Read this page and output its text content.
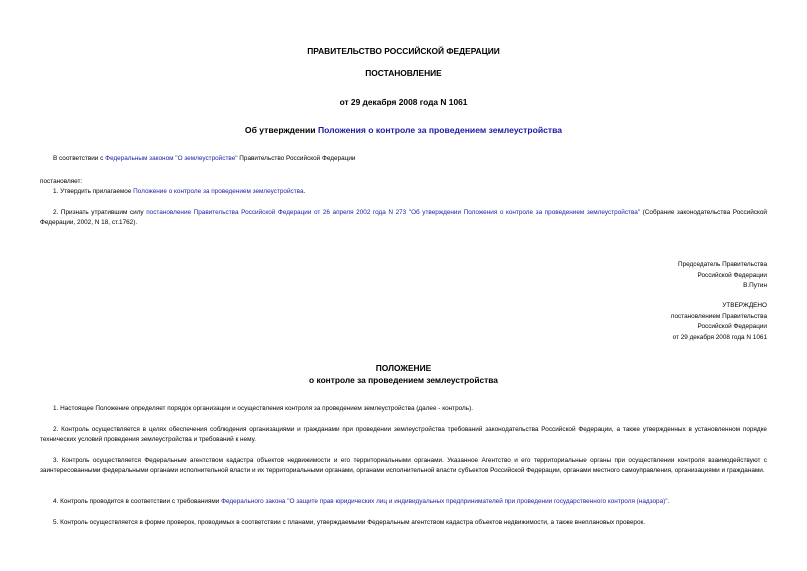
ПРАВИТЕЛЬСТВО РОССИЙСКОЙ ФЕДЕРАЦИИ
ПОСТАНОВЛЕНИЕ
от 29 декабря 2008 года N 1061
Об утверждении Положения о контроле за проведением землеустройства
В соответствии с Федеральным законом "О землеустройстве" Правительство Российской Федерации
постановляет:
1. Утвердить прилагаемое Положение о контроле за проведением землеустройства.
2. Признать утратившим силу постановление Правительства Российской Федерации от 26 апреля 2002 года N 273 "Об утверждении Положения о контроле за проведением землеустройства" (Собрание законодательства Российской Федерации, 2002, N 18, ст.1762).
Председатель Правительства
Российской Федерации
В.Путин
УТВЕРЖДЕНО
постановлением Правительства
Российской Федерации
от 29 декабря 2008 года N 1061
ПОЛОЖЕНИЕ
о контроле за проведением землеустройства
1. Настоящее Положение определяет порядок организации и осуществления контроля за проведением землеустройства (далее - контроль).
2. Контроль осуществляется в целях обеспечения соблюдения организациями и гражданами при проведении землеустройства требований законодательства Российской Федерации, а также утвержденных в установленном порядке технических условий проведения землеустройства и требований к нему.
3. Контроль осуществляется Федеральным агентством кадастра объектов недвижимости и его территориальными органами. Указанное Агентство и его территориальные органы при осуществлении контроля взаимодействуют с заинтересованными федеральными органами исполнительной власти и их территориальными органами, органами исполнительной власти субъектов Российской Федерации, органами местного самоуправления, организациями и гражданами.
4. Контроль проводится в соответствии с требованиями Федерального закона "О защите прав юридических лиц и индивидуальных предпринимателей при проведении государственного контроля (надзора)".
5. Контроль осуществляется в форме проверок, проводимых в соответствии с планами, утверждаемыми Федеральным агентством кадастра объектов недвижимости, а также внеплановых проверок.
